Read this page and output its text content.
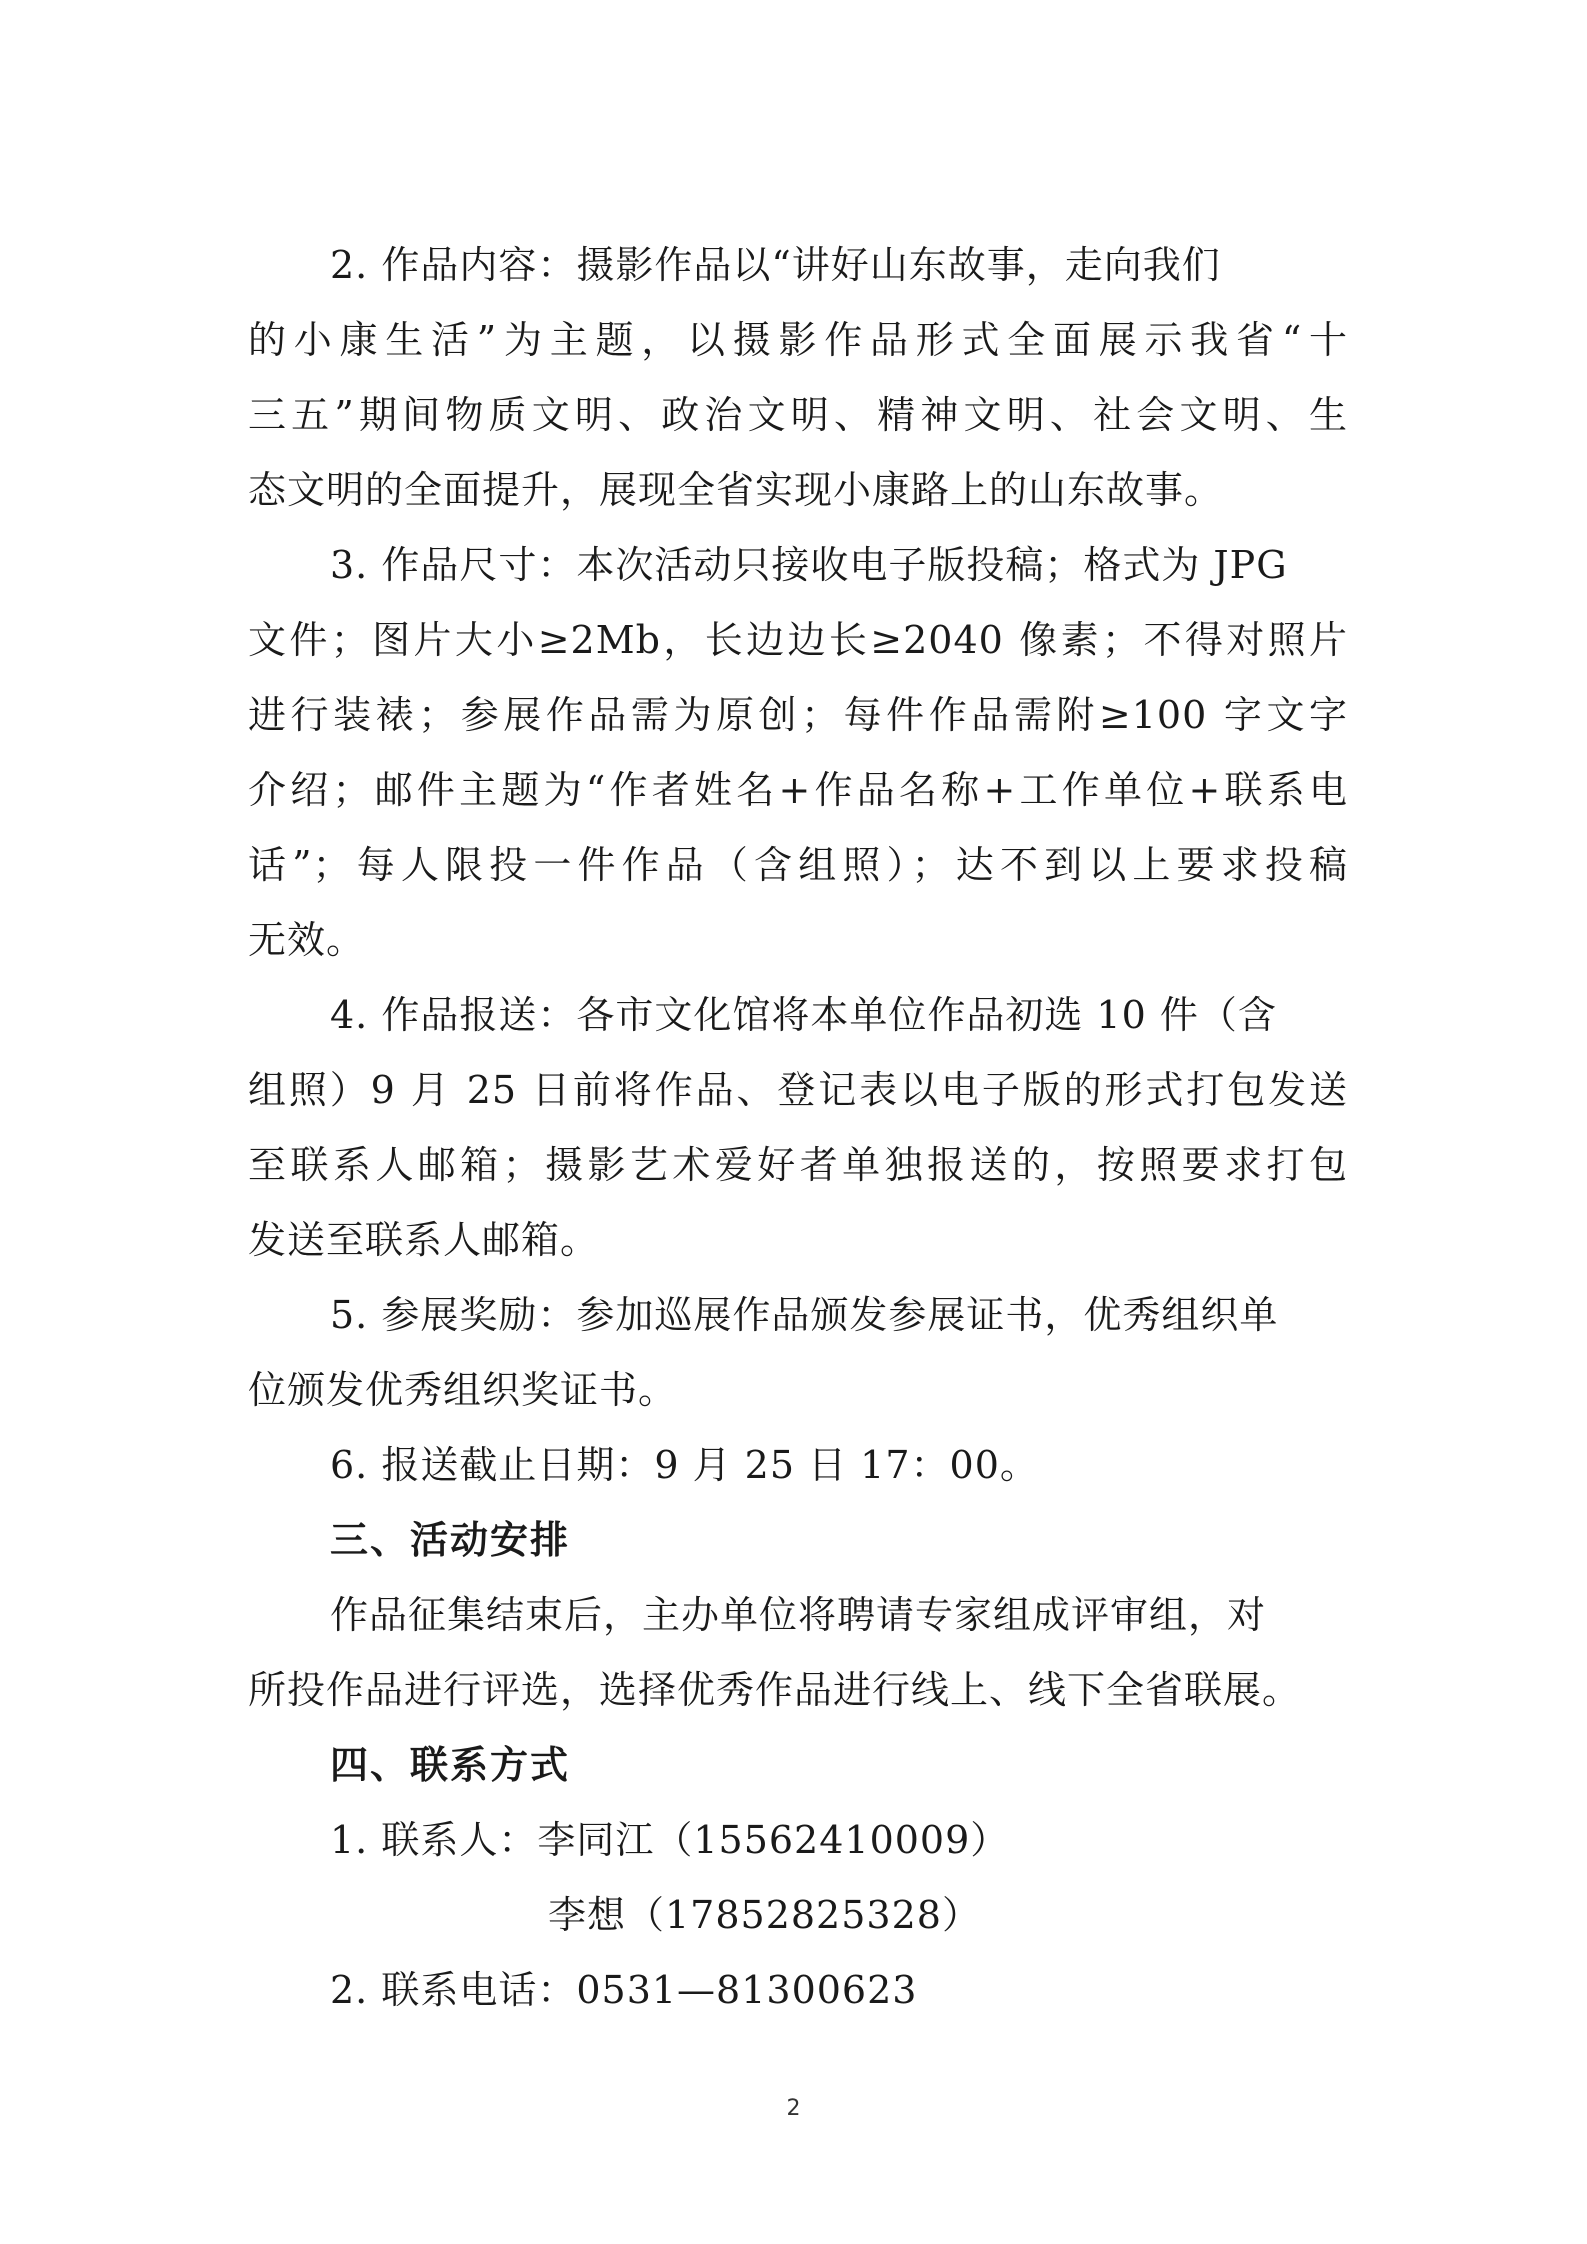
2. 作品内容：摄影作品以“讲好山东故事，走向我们
的小康生活”为主题，以摄影作品形式全面展示我省“十
三五”期间物质文明、政治文明、精神文明、社会文明、生
态文明的全面提升，展现全省实现小康路上的山东故事。
3. 作品尺寸：本次活动只接收电子版投稿；格式为 JPG
文件；图片大小≥2Mb，长边边长≥2040 像素；不得对照片
进行装裱；参展作品需为原创；每件作品需附≥100 字文字
介绍；邮件主题为“作者姓名+作品名称+工作单位+联系电
话”；每人限投一件作品（含组照）；达不到以上要求投稿
无效。
4. 作品报送：各市文化馆将本单位作品初选 10 件（含
组照）9 月 25 日前将作品、登记表以电子版的形式打包发送
至联系人邮箱；摄影艺术爱好者单独报送的，按照要求打包
发送至联系人邮箱。
5. 参展奖励：参加巡展作品颁发参展证书，优秀组织单
位颁发优秀组织奖证书。
6. 报送截止日期：9 月 25 日 17：00。
三、活动安排
作品征集结束后，主办单位将聘请专家组成评审组，对
所投作品进行评选，选择优秀作品进行线上、线下全省联展。
四、联系方式
1. 联系人：李同江（15562410009）
李想（17852825328）
2. 联系电话：0531—81300623
2
